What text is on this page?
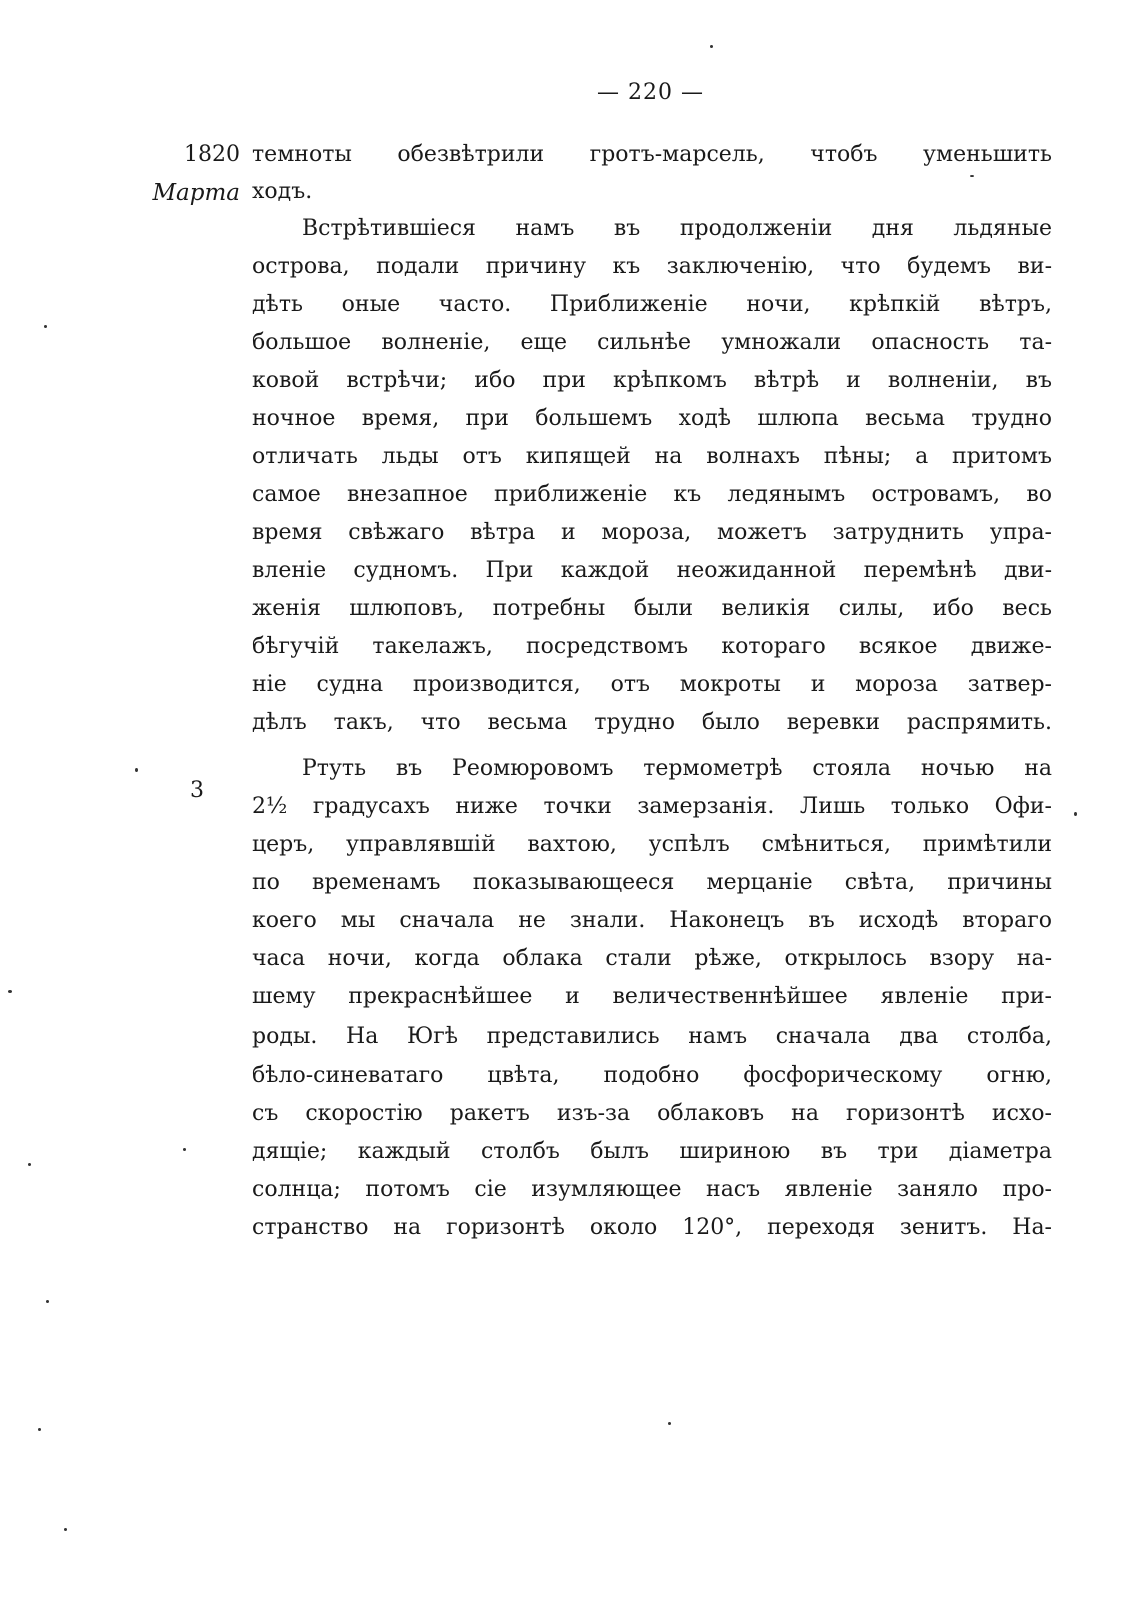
— 220 —
1820
Марта
3
темноты обезвѣтрили гротъ-марсель, чтобъ уменьшить
ходъ.
Встрѣтившіеся намъ въ продолженіи дня льдяные
острова, подали причину къ заключенію, что будемъ ви-
дѣть оные часто. Приближеніе ночи, крѣпкій вѣтръ,
большое волненіе, еще сильнѣе умножали опасность та-
ковой встрѣчи; ибо при крѣпкомъ вѣтрѣ и волненіи, въ
ночное время, при большемъ ходѣ шлюпа весьма трудно
отличать льды отъ кипящей на волнахъ пѣны; а притомъ
самое внезапное приближеніе къ ледянымъ островамъ, во
время свѣжаго вѣтра и мороза, можетъ затруднить упра-
вленіе судномъ. При каждой неожиданной перемѣнѣ дви-
женія шлюповъ, потребны были великія силы, ибо весь
бѣгучій такелажъ, посредствомъ котораго всякое движе-
ніе судна производится, отъ мокроты и мороза затвер-
дѣлъ такъ, что весьма трудно было веревки распрямить.
Ртуть въ Реомюровомъ термометрѣ стояла ночью на
2½ градусахъ ниже точки замерзанія. Лишь только Офи-
церъ, управлявшій вахтою, успѣлъ смѣниться, примѣтили
по временамъ показывающееся мерцаніе свѣта, причины
коего мы сначала не знали. Наконецъ въ исходѣ втораго
часа ночи, когда облака стали рѣже, открылось взору на-
шему прекраснѣйшее и величественнѣйшее явленіе при-
роды. На Югѣ представились намъ сначала два столба,
бѣло-синеватаго цвѣта, подобно фосфорическому огню,
съ скоростію ракетъ изъ-за облаковъ на горизонтѣ исхо-
дящіе; каждый столбъ былъ шириною въ три діаметра
солнца; потомъ сіе изумляющее насъ явленіе заняло про-
странство на горизонтѣ около 120°, переходя зенитъ. На-
